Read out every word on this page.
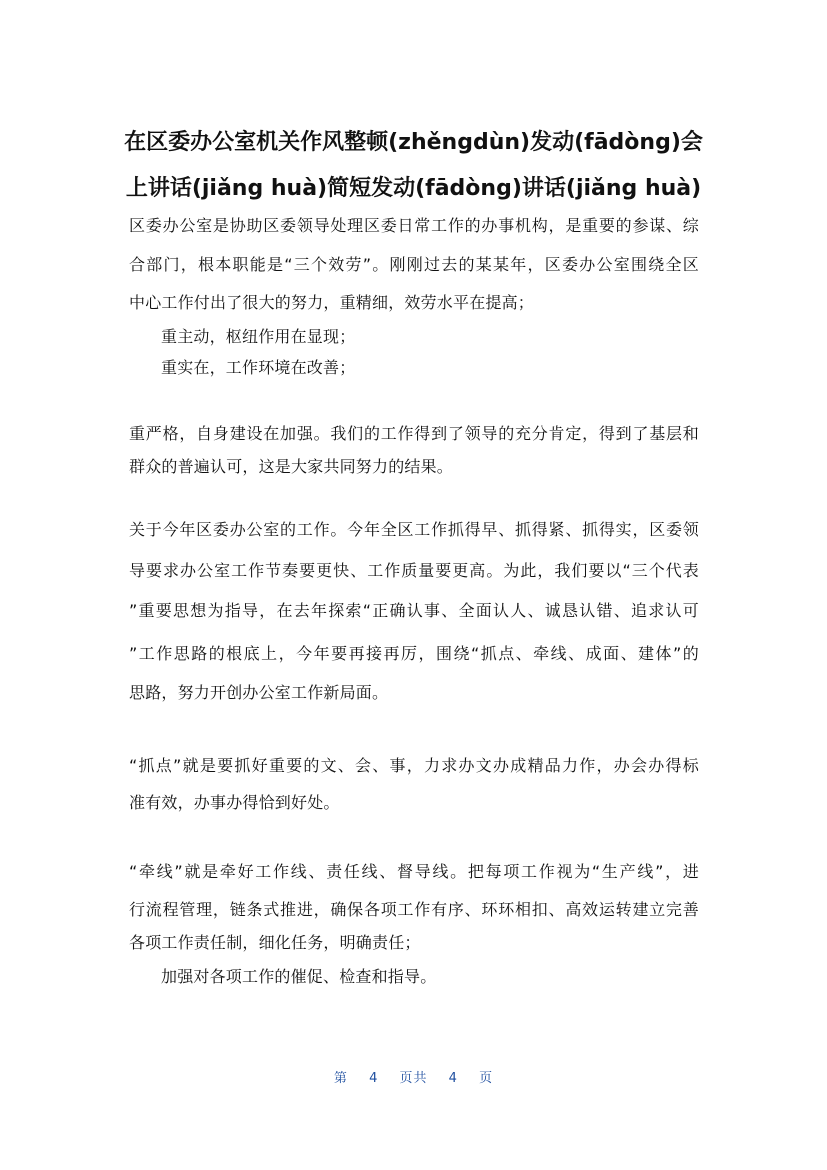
在区委办公室机关作风整顿(zhěngdùn)发动(fādòng)会
上讲话(jiǎng huà)简短发动(fādòng)讲话(jiǎng huà)
区委办公室是协助区委领导处理区委日常工作的办事机构，是重要的参谋、综
合部门，根本职能是“三个效劳”。刚刚过去的某某年，区委办公室围绕全区
中心工作付出了很大的努力，重精细，效劳水平在提高；
重主动，枢纽作用在显现；
重实在，工作环境在改善；
重严格，自身建设在加强。我们的工作得到了领导的充分肯定，得到了基层和
群众的普遍认可，这是大家共同努力的结果。
关于今年区委办公室的工作。今年全区工作抓得早、抓得紧、抓得实，区委领
导要求办公室工作节奏要更快、工作质量要更高。为此，我们要以“三个代表
”重要思想为指导，在去年探索“正确认事、全面认人、诚恳认错、追求认可
”工作思路的根底上，今年要再接再厉，围绕“抓点、牵线、成面、建体”的
思路，努力开创办公室工作新局面。
“抓点”就是要抓好重要的文、会、事，力求办文办成精品力作，办会办得标
准有效，办事办得恰到好处。
“牵线”就是牵好工作线、责任线、督导线。把每项工作视为“生产线”，进
行流程管理，链条式推进，确保各项工作有序、环环相扣、高效运转建立完善
各项工作责任制，细化任务，明确责任；
加强对各项工作的催促、检查和指导。
第 4 页共 4 页
